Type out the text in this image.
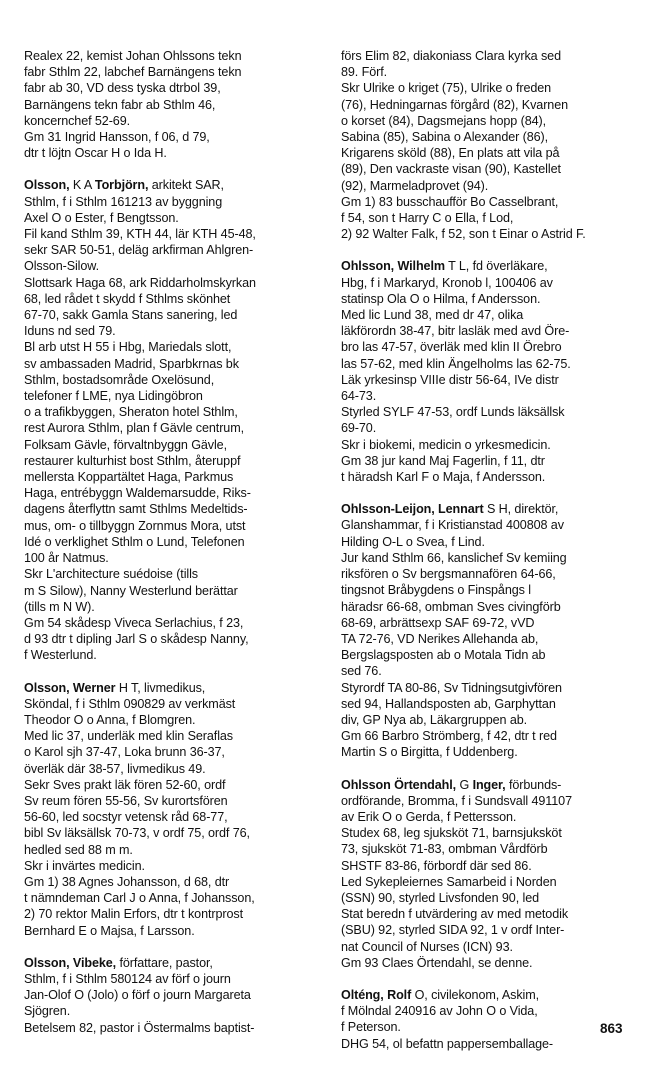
Realex 22, kemist Johan Ohlssons tekn
fabr Sthlm 22, labchef Barnängens tekn
fabr ab 30, VD dess tyska dtrbol 39,
Barnängens tekn fabr ab Sthlm 46,
koncernchef 52-69.
Gm 31 Ingrid Hansson, f 06, d 79,
dtr t löjtn Oscar H o Ida H.
Olsson, K A Torbjörn, arkitekt SAR,
Sthlm, f i Sthlm 161213 av byggning
Axel O o Ester, f Bengtsson.
Fil kand Sthlm 39, KTH 44, lär KTH 45-48,
sekr SAR 50-51, deläg arkfirman Ahlgren-
Olsson-Silow.
Slottsark Haga 68, ark Riddarholmskyrkan
68, led rådet t skydd f Sthlms skönhet
67-70, sakk Gamla Stans sanering, led
Iduns nd sed 79.
Bl arb utst H 55 i Hbg, Mariedals slott,
sv ambassaden Madrid, Sparbkrnas bk
Sthlm, bostadsområde Oxelösund,
telefoner f LME, nya Lidingöbron
o a trafikbyggen, Sheraton hotel Sthlm,
rest Aurora Sthlm, plan f Gävle centrum,
Folksam Gävle, förvaltnbyggn Gävle,
restaurer kulturhist bost Sthlm, återuppf
mellersta Koppartältet Haga, Parkmus
Haga, entrébyggn Waldemarsudde, Riks-
dagens återflyttn samt Sthlms Medeltids-
mus, om- o tillbyggn Zornmus Mora, utst
Idé o verklighet Sthlm o Lund, Telefonen
100 år Natmus.
Skr L'architecture suédoise (tills
m S Silow), Nanny Westerlund berättar
(tills m N W).
Gm 54 skådesp Viveca Serlachius, f 23,
d 93 dtr t dipling Jarl S o skådesp Nanny,
f Westerlund.
Olsson, Werner H T, livmedikus,
Sköndal, f i Sthlm 090829 av verkmäst
Theodor O o Anna, f Blomgren.
Med lic 37, underläk med klin Seraflas
o Karol sjh 37-47, Loka brunn 36-37,
överläk där 38-57, livmedikus 49.
Sekr Sves prakt läk fören 52-60, ordf
Sv reum fören 55-56, Sv kurortsfören
56-60, led socstyr vetensk råd 68-77,
bibl Sv läksällsk 70-73, v ordf 75, ordf 76,
hedled sed 88 m m.
Skr i invärtes medicin.
Gm 1) 38 Agnes Johansson, d 68, dtr
t nämndeman Carl J o Anna, f Johansson,
2) 70 rektor Malin Erfors, dtr t kontrprost
Bernhard E o Majsa, f Larsson.
Olsson, Vibeke, författare, pastor,
Sthlm, f i Sthlm 580124 av förf o journ
Jan-Olof O (Jolo) o förf o journ Margareta
Sjögren.
Betelsem 82, pastor i Östermalms baptist-
förs Elim 82, diakoniass Clara kyrka sed
89. Förf.
Skr Ulrike o kriget (75), Ulrike o freden
(76), Hedningarnas förgård (82), Kvarnen
o korset (84), Dagsmejans hopp (84),
Sabina (85), Sabina o Alexander (86),
Krigarens sköld (88), En plats att vila på
(89), Den vackraste visan (90), Kastellet
(92), Marmeladprovet (94).
Gm 1) 83 busschaufför Bo Casselbrant,
f 54, son t Harry C o Ella, f Lod,
2) 92 Walter Falk, f 52, son t Einar o Astrid F.
Ohlsson, Wilhelm T L, fd överläkare,
Hbg, f i Markaryd, Kronob l, 100406 av
statinsp Ola O o Hilma, f Andersson.
Med lic Lund 38, med dr 47, olika
läkförordn 38-47, bitr lasläk med avd Öre-
bro las 47-57, överläk med klin II Örebro
las 57-62, med klin Ängelholms las 62-75.
Läk yrkesinsp VIIIe distr 56-64, IVe distr
64-73.
Styrled SYLF 47-53, ordf Lunds läksällsk
69-70.
Skr i biokemi, medicin o yrkesmedicin.
Gm 38 jur kand Maj Fagerlin, f 11, dtr
t häradsh Karl F o Maja, f Andersson.
Ohlsson-Leijon, Lennart S H, direktör,
Glanshammar, f i Kristianstad 400808 av
Hilding O-L o Svea, f Lind.
Jur kand Sthlm 66, kanslichef Sv kemiing
riksfören o Sv bergsmannafören 64-66,
tingsnot Bråbygdens o Finspångs l
häradsr 66-68, ombman Sves civingförb
68-69, arbrättsexp SAF 69-72, vVD
TA 72-76, VD Nerikes Allehanda ab,
Bergslagsposten ab o Motala Tidn ab
sed 76.
Styrordf TA 80-86, Sv Tidningsutgivfören
sed 94, Hallandsposten ab, Garphyttan
div, GP Nya ab, Läkargruppen ab.
Gm 66 Barbro Strömberg, f 42, dtr t red
Martin S o Birgitta, f Uddenberg.
Ohlsson Örtendahl, G Inger, förbunds-
ordförande, Bromma, f i Sundsvall 491107
av Erik O o Gerda, f Pettersson.
Studex 68, leg sjuksköt 71, barnsjuksköt
73, sjuksköt 71-83, ombman Vårdförb
SHSTF 83-86, förbordf där sed 86.
Led Sykepleiernes Samarbeid i Norden
(SSN) 90, styrled Livsfonden 90, led
Stat beredn f utvärdering av med metodik
(SBU) 92, styrled SIDA 92, 1 v ordf Inter-
nat Council of Nurses (ICN) 93.
Gm 93 Claes Örtendahl, se denne.
Olténg, Rolf O, civilekonom, Askim,
f Mölndal 240916 av John O o Vida,
f Peterson.
DHG 54, ol befattn pappersemballage-
863
